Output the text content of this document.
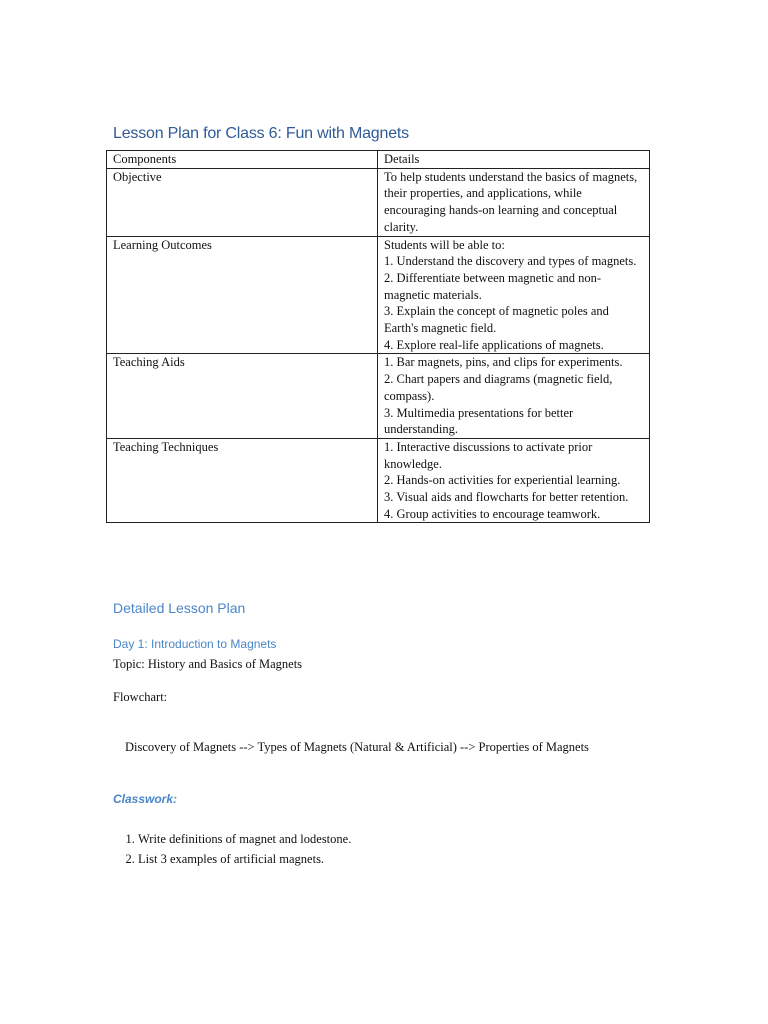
Lesson Plan for Class 6: Fun with Magnets
Components	Details
Objective	To help students understand the basics of magnets, their properties, and applications, while encouraging hands-on learning and conceptual clarity.

Learning Outcomes	Students will be able to:
1. Understand the discovery and types of magnets.
2. Differentiate between magnetic and non-magnetic materials.
3. Explain the concept of magnetic poles and Earth's magnetic field.
4. Explore real-life applications of magnets.

Teaching Aids	1. Bar magnets, pins, and clips for experiments.
2. Chart papers and diagrams (magnetic field, compass).
3. Multimedia presentations for better understanding.

Teaching Techniques	1. Interactive discussions to activate prior knowledge.
2. Hands-on activities for experiential learning.
3. Visual aids and flowcharts for better retention.
4. Group activities to encourage teamwork.
Detailed Lesson Plan
Day 1: Introduction to Magnets

Topic: History and Basics of Magnets

Flowchart:

Discovery of Magnets --> Types of Magnets (Natural & Artificial) --> Properties of Magnets

Classwork:
1. Write definitions of magnet and lodestone.
2. List 3 examples of artificial magnets.
